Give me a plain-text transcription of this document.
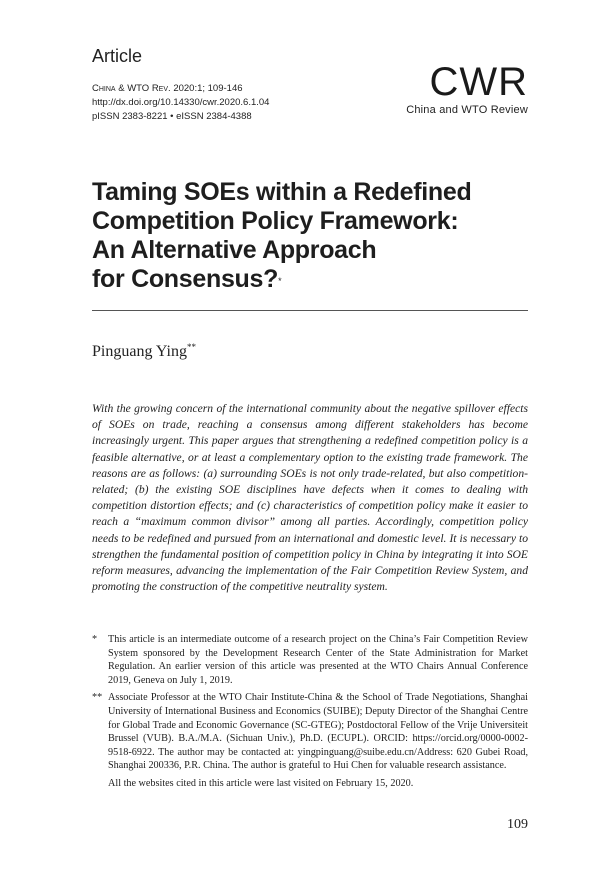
Article
China & WTO Rev. 2020:1; 109-146
http://dx.doi.org/10.14330/cwr.2020.6.1.04
pISSN 2383-8221 • eISSN 2384-4388
CWR
China and WTO Review
Taming SOEs within a Redefined
Competition Policy Framework:
An Alternative Approach
for Consensus?*
Pinguang Ying**
With the growing concern of the international community about the negative spillover effects of SOEs on trade, reaching a consensus among different stakeholders has become increasingly urgent. This paper argues that strengthening a redefined competition policy is a feasible alternative, or at least a complementary option to the existing trade framework. The reasons are as follows: (a) surrounding SOEs is not only trade-related, but also competition-related; (b) the existing SOE disciplines have defects when it comes to dealing with competition distortion effects; and (c) characteristics of competition policy make it easier to reach a “maximum common divisor” among all parties. Accordingly, competition policy needs to be redefined and pursued from an international and domestic level. It is necessary to strengthen the fundamental position of competition policy in China by integrating it into SOE reform measures, advancing the implementation of the Fair Competition Review System, and promoting the construction of the competitive neutrality system.
*	This article is an intermediate outcome of a research project on the China’s Fair Competition Review System sponsored by the Development Research Center of the State Administration for Market Regulation. An earlier version of this article was presented at the WTO Chairs Annual Conference 2019, Geneva on July 1, 2019.
** Associate Professor at the WTO Chair Institute-China & the School of Trade Negotiations, Shanghai University of International Business and Economics (SUIBE); Deputy Director of the Shanghai Centre for Global Trade and Economic Governance (SC-GTEG); Postdoctoral Fellow of the Vrije Universiteit Brussel (VUB). B.A./M.A. (Sichuan Univ.), Ph.D. (ECUPL). ORCID: https://orcid.org/0000-0002-9518-6922. The author may be contacted at: yingpinguang@suibe.edu.cn/Address: 620 Gubei Road, Shanghai 200336, P.R. China. The author is grateful to Hui Chen for valuable research assistance.
All the websites cited in this article were last visited on February 15, 2020.
109
